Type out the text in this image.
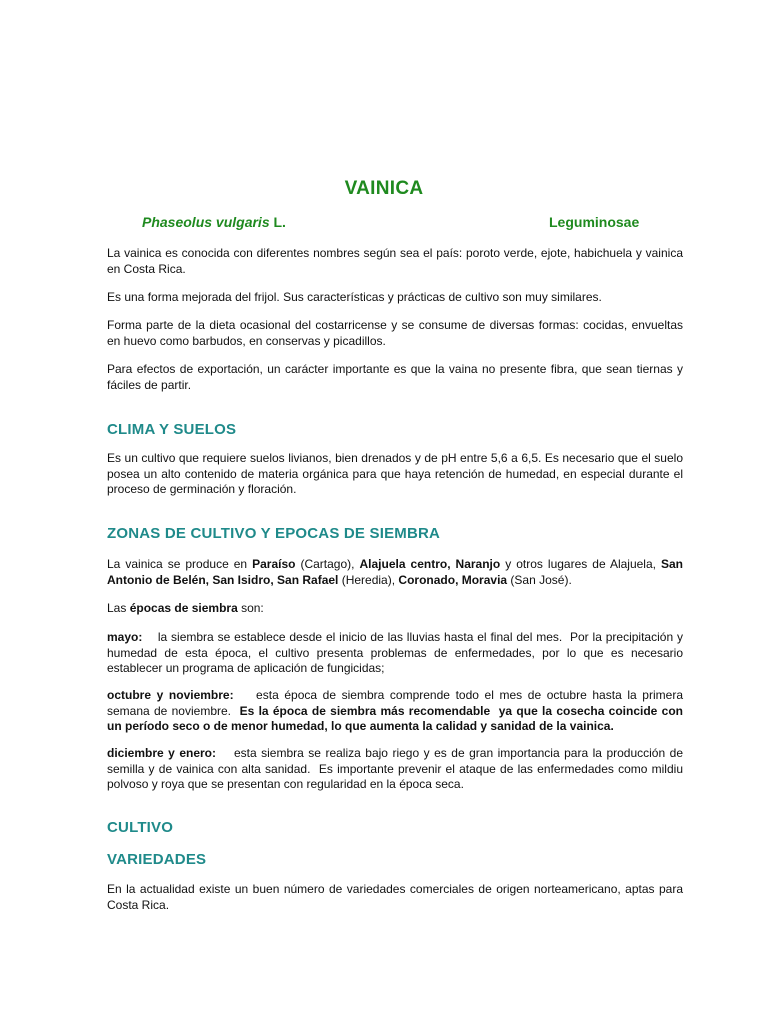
VAINICA
Phaseolus vulgaris L.	Leguminosae
La vainica es conocida con diferentes nombres según sea el país: poroto verde, ejote, habichuela y vainica en Costa Rica.
Es una forma mejorada del frijol. Sus características y prácticas de cultivo son muy similares.
Forma parte de la dieta ocasional del costarricense y se consume de diversas formas: cocidas, envueltas en huevo como barbudos, en conservas y picadillos.
Para efectos de exportación, un carácter importante es que la vaina no presente fibra, que sean tiernas y fáciles de partir.
CLIMA Y SUELOS
Es un cultivo que requiere suelos livianos, bien drenados y de pH entre 5,6 a 6,5. Es necesario que el suelo posea un alto contenido de materia orgánica para que haya retención de humedad, en especial durante el proceso de germinación y floración.
ZONAS DE CULTIVO Y EPOCAS DE SIEMBRA
La vainica se produce en Paraíso (Cartago), Alajuela centro, Naranjo y otros lugares de Alajuela, San Antonio de Belén, San Isidro, San Rafael (Heredia), Coronado, Moravia (San José).
Las épocas de siembra son:
mayo:    la siembra se establece desde el inicio de las lluvias hasta el final del mes.  Por la precipitación y humedad de esta época, el cultivo presenta problemas de enfermedades, por lo que es necesario establecer un programa de aplicación de fungicidas;
octubre y noviembre:    esta época de siembra comprende todo el mes de octubre hasta la primera semana de noviembre.  Es la época de siembra más recomendable  ya que la cosecha coincide con un período seco o de menor humedad, lo que aumenta la calidad y sanidad de la vainica.
diciembre y enero:    esta siembra se realiza bajo riego y es de gran importancia para la producción de semilla y de vainica con alta sanidad.  Es importante prevenir el ataque de las enfermedades como mildiu polvoso y roya que se presentan con regularidad en la época seca.
CULTIVO
VARIEDADES
En la actualidad existe un buen número de variedades comerciales de origen norteamericano, aptas para Costa Rica.
